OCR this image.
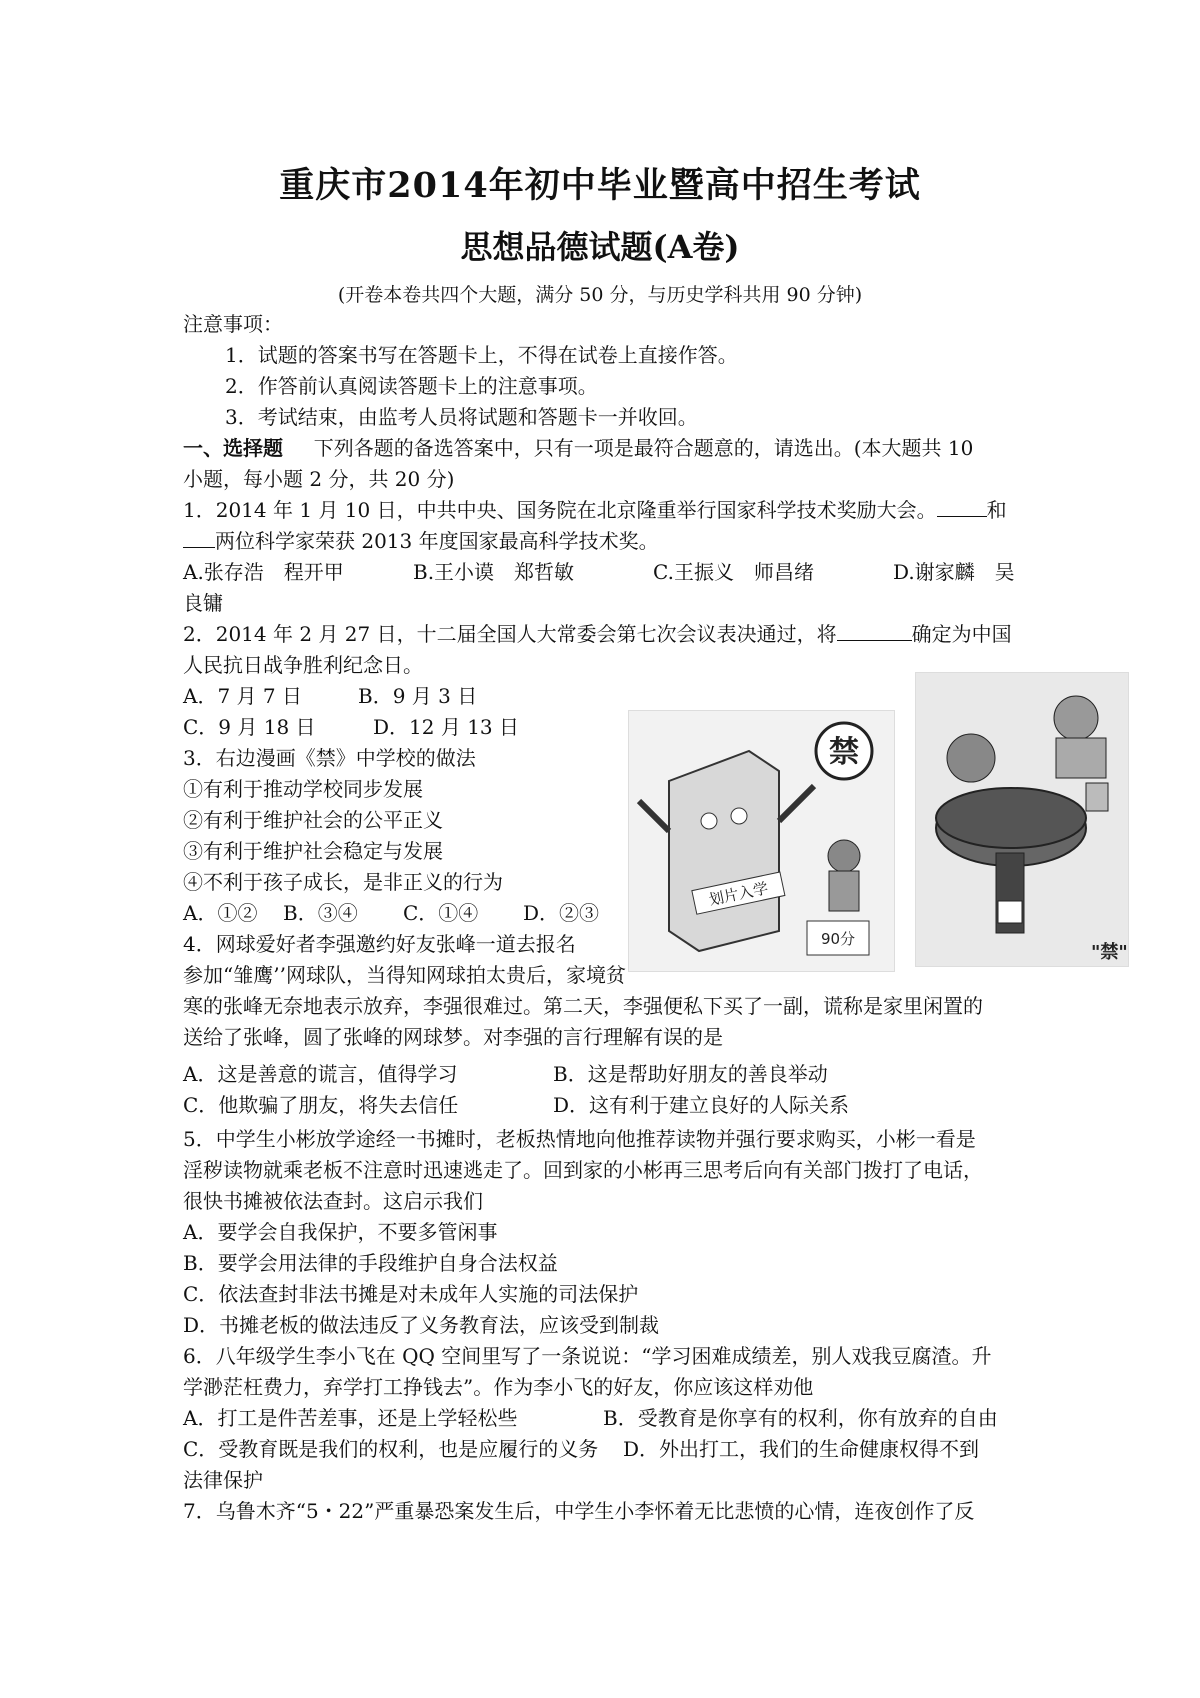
重庆市2014年初中毕业暨高中招生考试
思想品德试题(A卷)
(开卷本卷共四个大题，满分 50 分，与历史学科共用 90 分钟)
注意事项：
1．试题的答案书写在答题卡上，不得在试卷上直接作答。
2．作答前认真阅读答题卡上的注意事项。
3．考试结束，由监考人员将试题和答题卡一并收回。
一、选择题 下列各题的备选答案中，只有一项是最符合题意的，请选出。(本大题共 10
小题，每小题 2 分，共 20 分)
1．2014 年 1 月 10 日，中共中央、国务院在北京隆重举行国家科学技术奖励大会。	和
两位科学家荣获 2013 年度国家最高科学技术奖。
A.张存浩　程开甲	B.王小谟　郑哲敏	C.王振义　师昌绪	D.谢家麟　吴
良镛
2．2014 年 2 月 27 日，十二届全国人大常委会第七次会议表决通过，将	确定为中国
人民抗日战争胜利纪念日。
A．7 月 7 日	B．9 月 3 日
C．9 月 18 日	D．12 月 13 日
3．右边漫画《禁》中学校的做法
①有利于推动学校同步发展
②有利于维护社会的公平正义
③有利于维护社会稳定与发展
④不利于孩子成长，是非正义的行为
A．①② B．③④ C．①④ D．②③
禁
划片入学
90分
"禁"
4．网球爱好者李强邀约好友张峰一道去报名
参加“雏鹰’’网球队，当得知网球拍太贵后，家境贫
寒的张峰无奈地表示放弃，李强很难过。第二天，李强便私下买了一副，谎称是家里闲置的
送给了张峰，圆了张峰的网球梦。对李强的言行理解有误的是
A．这是善意的谎言，值得学习	B．这是帮助好朋友的善良举动
C．他欺骗了朋友，将失去信任	D．这有利于建立良好的人际关系
5．中学生小彬放学途经一书摊时，老板热情地向他推荐读物并强行要求购买，小彬一看是
淫秽读物就乘老板不注意时迅速逃走了。回到家的小彬再三思考后向有关部门拨打了电话，
很快书摊被依法查封。这启示我们
A．要学会自我保护，不要多管闲事
B．要学会用法律的手段维护自身合法权益
C．依法查封非法书摊是对未成年人实施的司法保护
D．书摊老板的做法违反了义务教育法，应该受到制裁
6．八年级学生李小飞在 QQ 空间里写了一条说说：“学习困难成绩差，别人戏我豆腐渣。升
学渺茫枉费力，弃学打工挣钱去”。作为李小飞的好友，你应该这样劝他
A．打工是件苦差事，还是上学轻松些	B．受教育是你享有的权利，你有放弃的自由
C．受教育既是我们的权利，也是应履行的义务 D．外出打工，我们的生命健康权得不到
法律保护
7．乌鲁木齐“5・22”严重暴恐案发生后，中学生小李怀着无比悲愤的心情，连夜创作了反
